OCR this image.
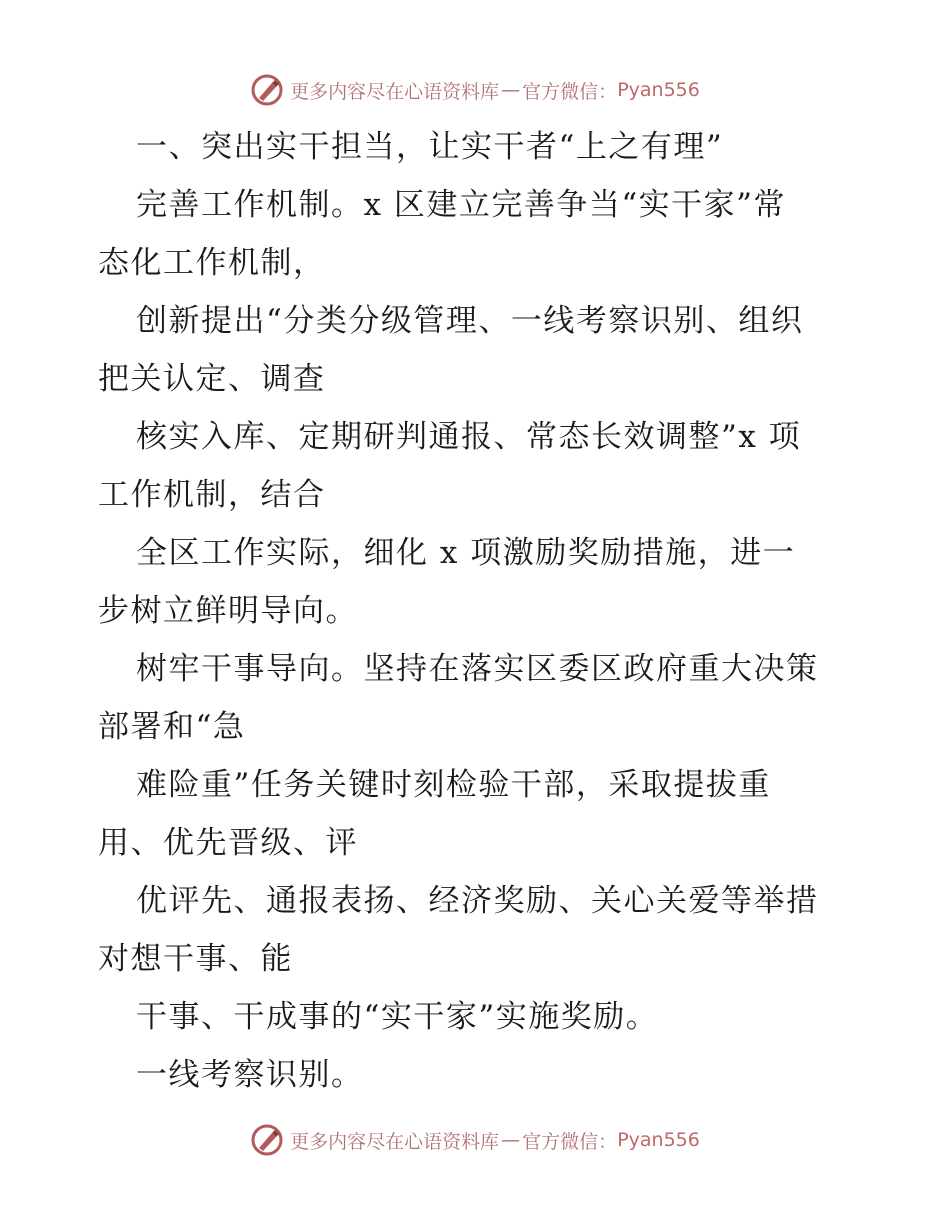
更多内容尽在心语资料库 — 官方微信： Pyan556

一、突出实干担当，让实干者“上之有理”

完善工作机制。x 区建立完善争当“实干家”常

态化工作机制，

创新提出“分类分级管理、一线考察识别、组织

把关认定、调查

核实入库、定期研判通报、常态长效调整”x 项

工作机制，结合

全区工作实际，细化 x 项激励奖励措施，进一

步树立鲜明导向。

树牢干事导向。坚持在落实区委区政府重大决策

部署和“急

难险重”任务关键时刻检验干部，采取提拔重

用、优先晋级、评

优评先、通报表扬、经济奖励、关心关爱等举措

对想干事、能

干事、干成事的“实干家”实施奖励。

一线考察识别。

更多内容尽在心语资料库 — 官方微信： Pyan556
